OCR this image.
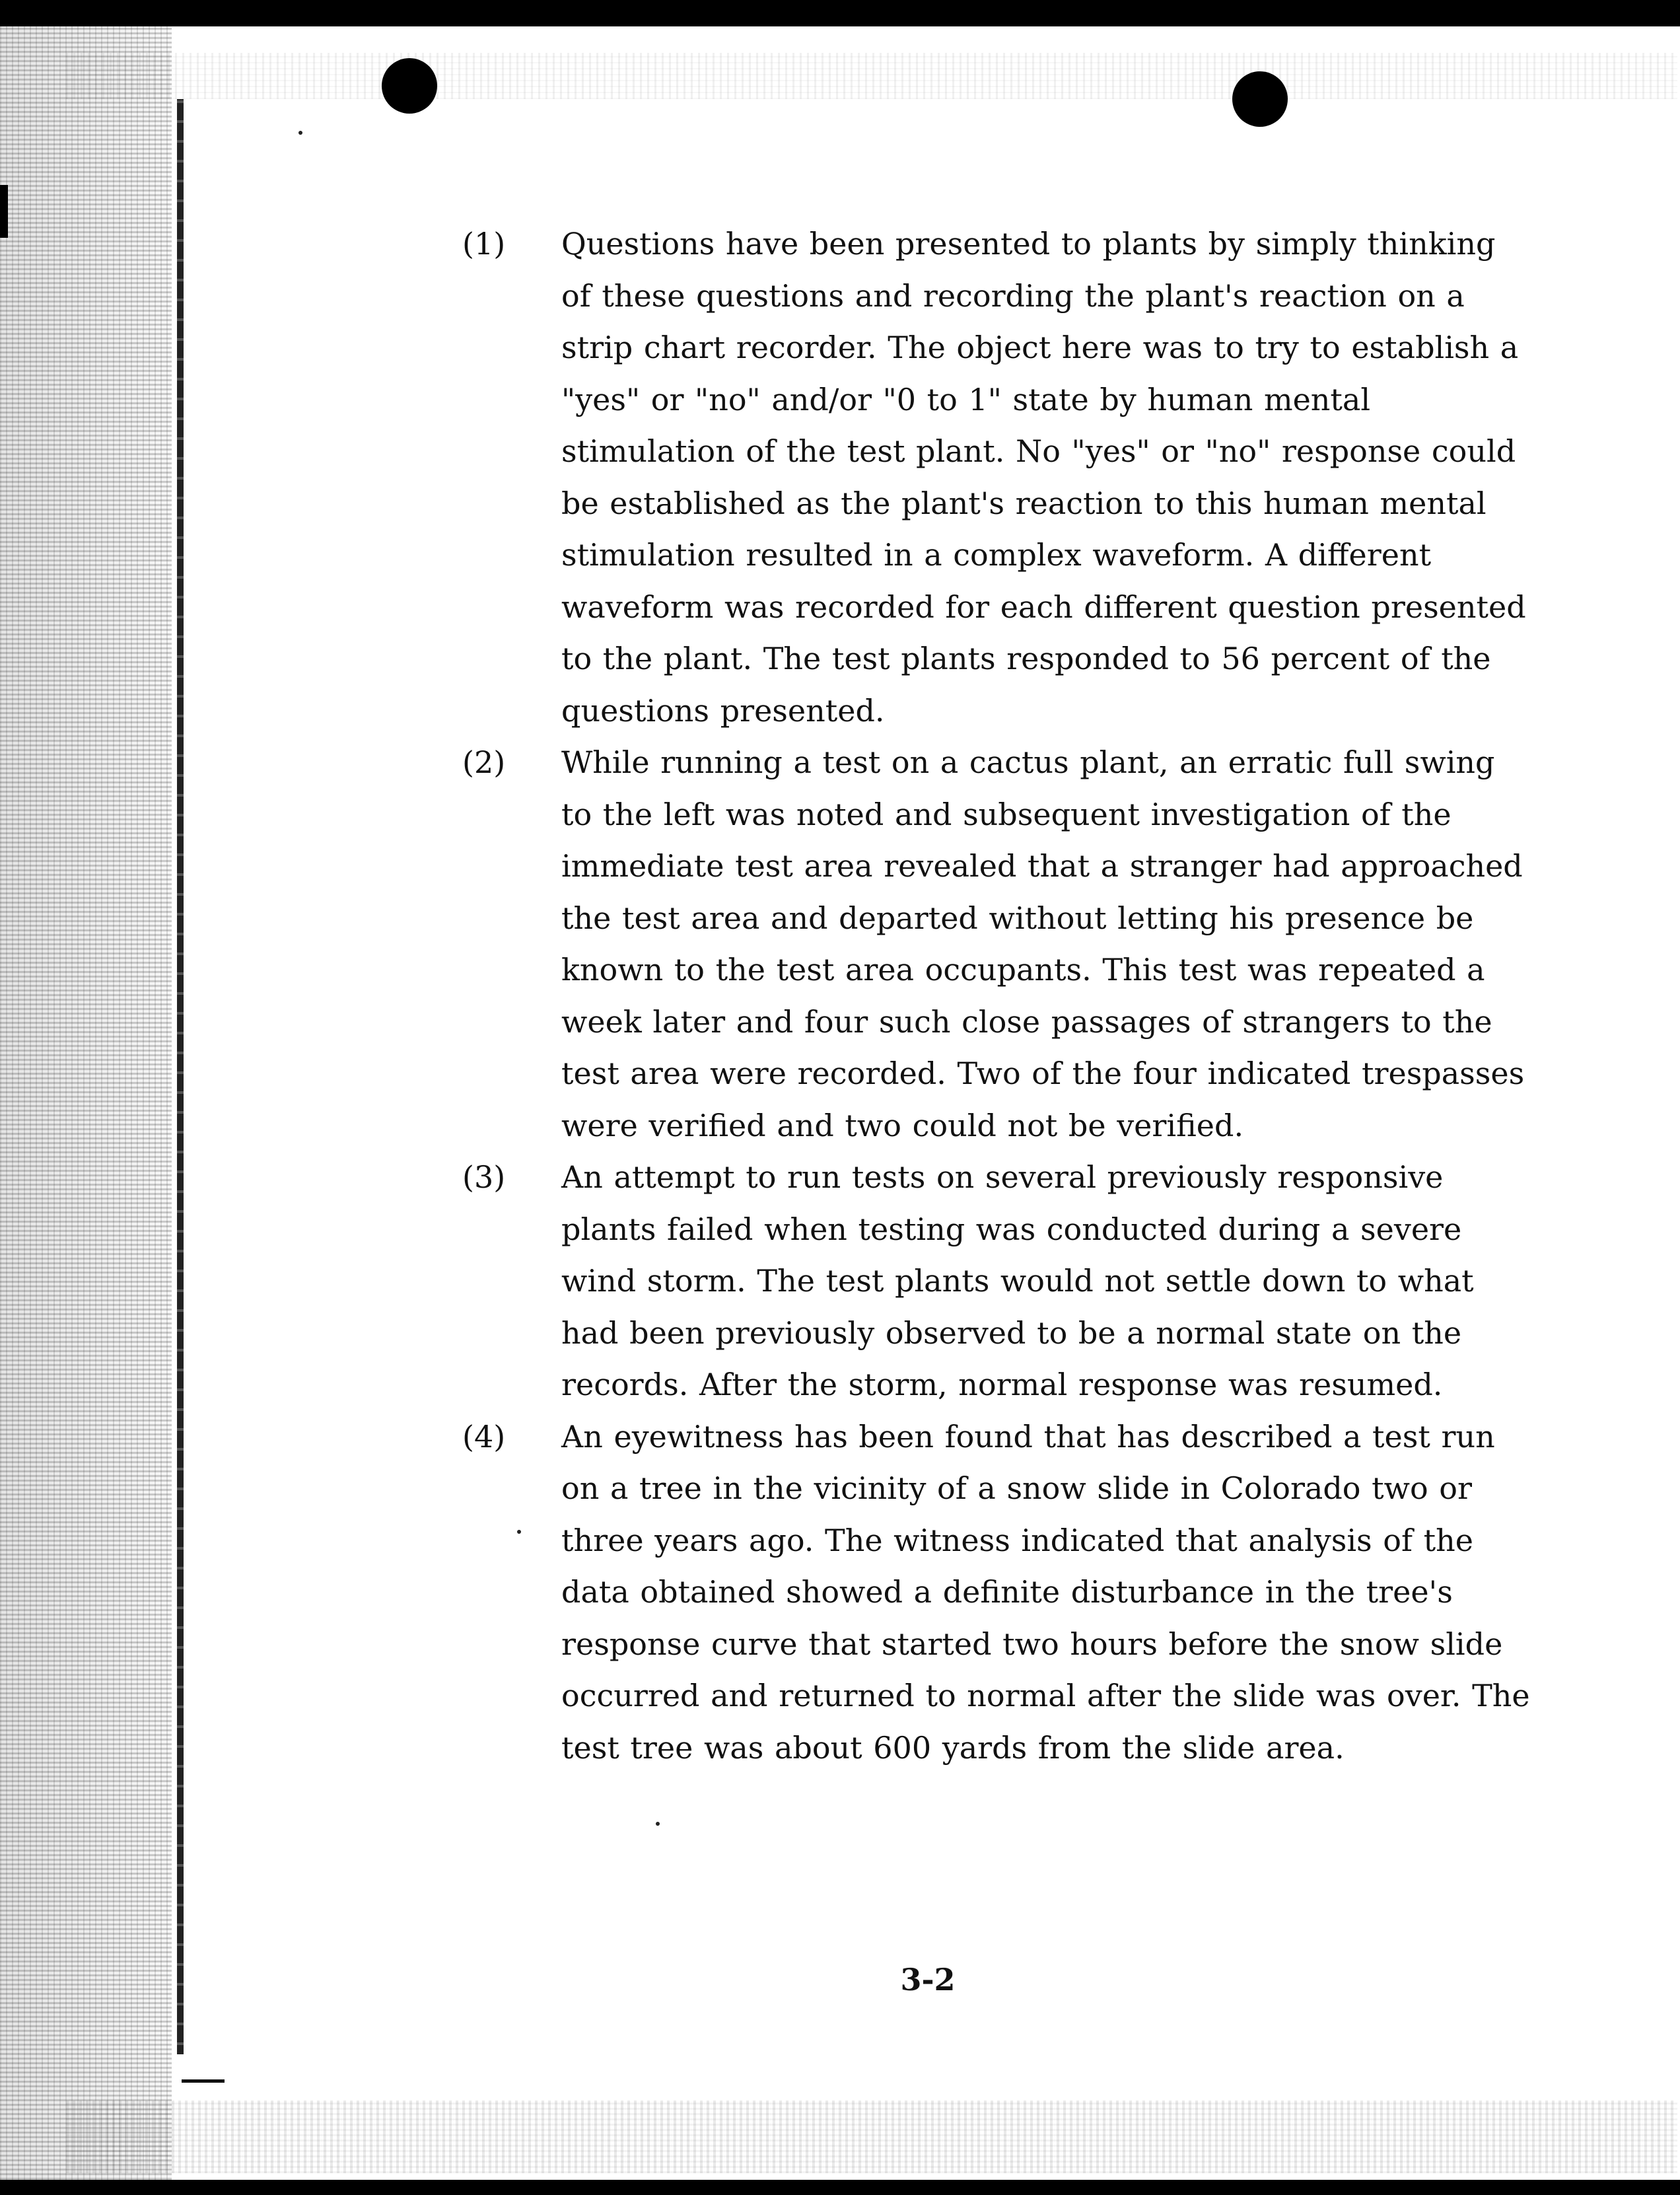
(1)	Questions have been presented to plants by simply thinking of these questions and recording the plant's reaction on a strip chart recorder. The object here was to try to establish a "yes" or "no" and/or "0 to 1" state by human mental stimulation of the test plant. No "yes" or "no" response could be established as the plant's reaction to this human mental stimulation resulted in a complex waveform. A different waveform was recorded for each different question presented to the plant. The test plants responded to 56 percent of the questions presented.
(2)	While running a test on a cactus plant, an erratic full swing to the left was noted and subsequent investigation of the immediate test area revealed that a stranger had approached the test area and departed without letting his presence be known to the test area occupants. This test was repeated a week later and four such close passages of strangers to the test area were recorded. Two of the four indicated trespasses were verified and two could not be verified.
(3)	An attempt to run tests on several previously responsive plants failed when testing was conducted during a severe wind storm. The test plants would not settle down to what had been previously observed to be a normal state on the records. After the storm, normal response was resumed.
(4)	An eyewitness has been found that has described a test run on a tree in the vicinity of a snow slide in Colorado two or three years ago. The witness indicated that analysis of the data obtained showed a definite disturbance in the tree's response curve that started two hours before the snow slide occurred and returned to normal after the slide was over. The test tree was about 600 yards from the slide area.
3-2
